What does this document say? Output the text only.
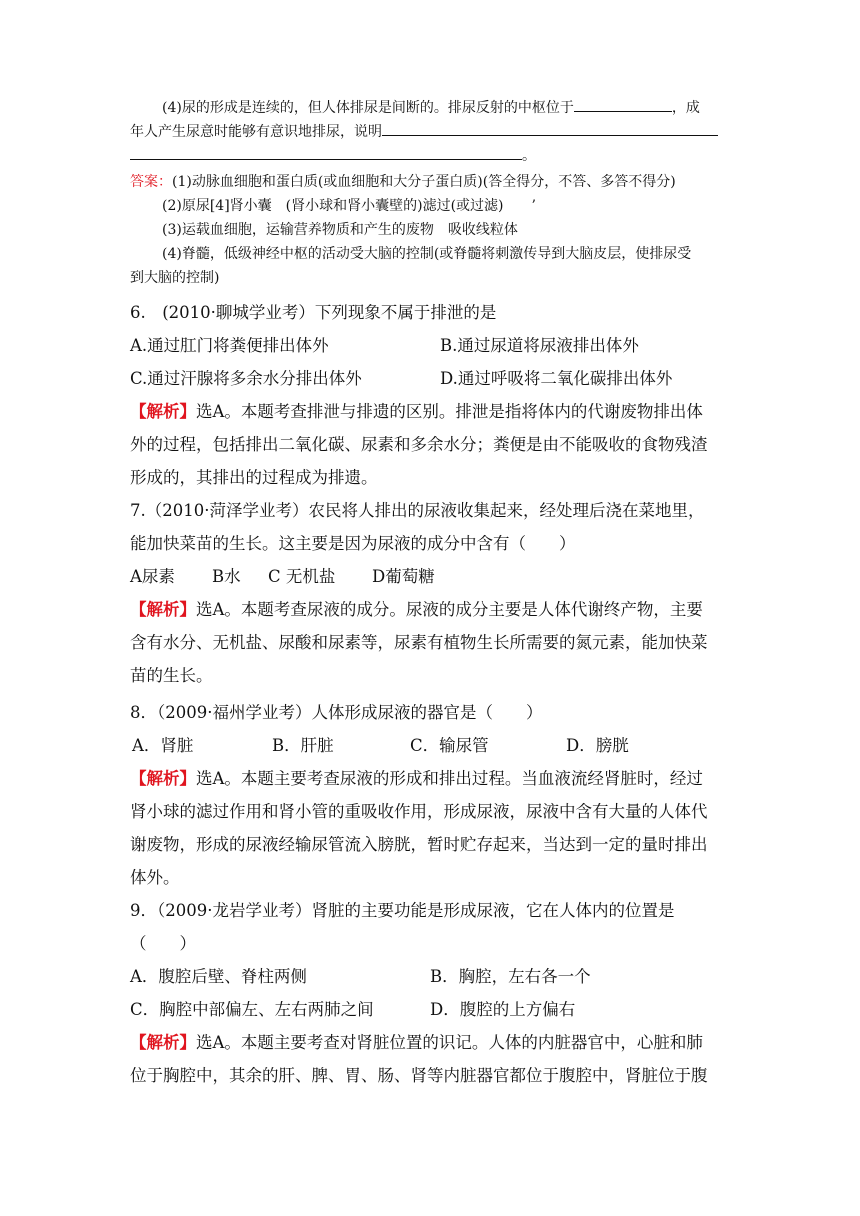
(4)尿的形成是连续的，但人体排尿是间断的。排尿反射的中枢位于	，成

年人产生尿意时能够有意识地排尿，说明

。

答案：(1)动脉血细胞和蛋白质(或血细胞和大分子蛋白质)(答全得分，不答、多答不得分)

(2)原尿[4]肾小囊　(肾小球和肾小囊壁的)滤过(或过滤)　　’

(3)运载血细胞，运输营养物质和产生的废物　吸收线粒体

(4)脊髓，低级神经中枢的活动受大脑的控制(或脊髓将刺激传导到大脑皮层，使排尿受

到大脑的控制)

6.　(2010·聊城学业考）下列现象不属于排泄的是

A.通过肛门将粪便排出体外	B.通过尿道将尿液排出体外
C.通过汗腺将多余水分排出体外	D.通过呼吸将二氧化碳排出体外

【解析】选A。本题考查排泄与排遗的区别。排泄是指将体内的代谢废物排出体

外的过程，包括排出二氧化碳、尿素和多余水分；粪便是由不能吸收的食物残渣

形成的，其排出的过程成为排遗。

7.（2010·菏泽学业考）农民将人排出的尿液收集起来，经处理后浇在菜地里，

能加快菜苗的生长。这主要是因为尿液的成分中含有（　　）

A尿素	B水	C 无机盐	D葡萄糖

【解析】选A。本题考查尿液的成分。尿液的成分主要是人体代谢终产物，主要

含有水分、无机盐、尿酸和尿素等，尿素有植物生长所需要的氮元素，能加快菜

苗的生长。

8．（2009·福州学业考）人体形成尿液的器官是（　　）

A．肾脏	B．肝脏	C．输尿管	D．膀胱

【解析】选A。本题主要考查尿液的形成和排出过程。当血液流经肾脏时，经过

肾小球的滤过作用和肾小管的重吸收作用，形成尿液，尿液中含有大量的人体代

谢废物，形成的尿液经输尿管流入膀胱，暂时贮存起来，当达到一定的量时排出

体外。

9．（2009·龙岩学业考）肾脏的主要功能是形成尿液，它在人体内的位置是

（　　）

A．腹腔后壁、脊柱两侧	B．胸腔，左右各一个
C．胸腔中部偏左、左右两肺之间	D．腹腔的上方偏右

【解析】选A。本题主要考查对肾脏位置的识记。人体的内脏器官中，心脏和肺

位于胸腔中，其余的肝、脾、胃、肠、肾等内脏器官都位于腹腔中，肾脏位于腹
